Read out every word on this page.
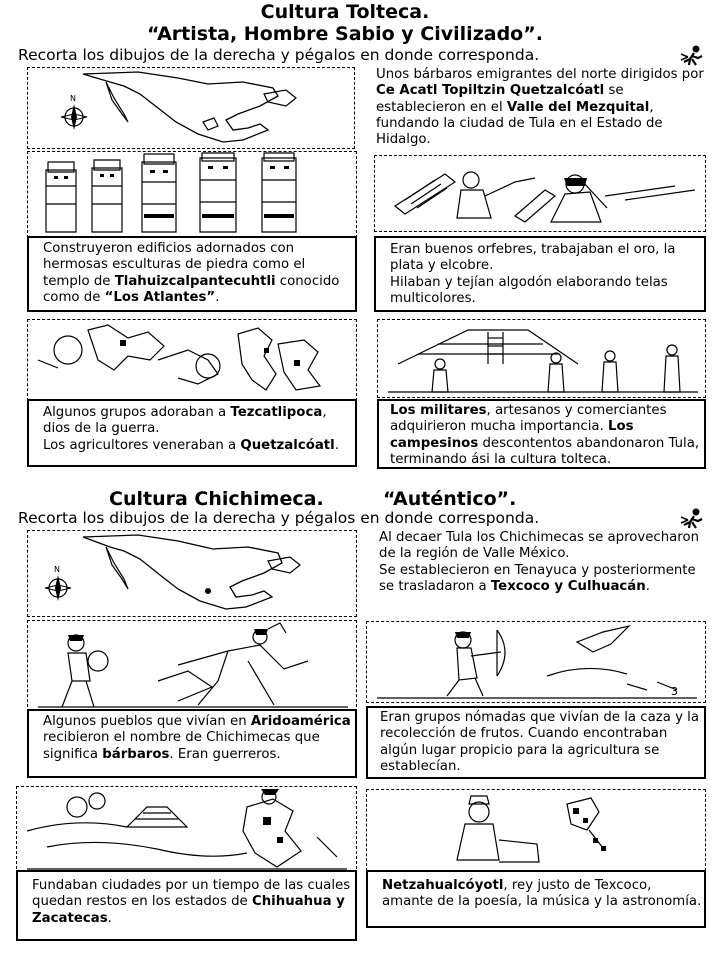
Cultura Tolteca.
“Artista, Hombre Sabio y Civilizado”.
Recorta los dibujos de la derecha y pégalos en donde corresponda.
N
Unos bárbaros emigrantes del norte dirigidos por Ce Acatl Topiltzin Quetzalcóatl se establecieron en el Valle del Mezquital, fundando la ciudad de Tula en el Estado de Hidalgo.
Construyeron edificios adornados con hermosas esculturas de piedra como el templo de Tlahuizcalpantecuhtli conocido como de “Los Atlantes”.
Eran buenos orfebres, trabajaban el oro, la plata y elcobre.
Hilaban y tejían algodón elaborando telas multicolores.
Algunos grupos adoraban a Tezcatlipoca, dios de la guerra.
Los agricultores veneraban a Quetzalcóatl.
Los militares, artesanos y comerciantes adquirieron mucha importancia. Los campesinos descontentos abandonaron Tula, terminando ási la cultura tolteca.
Cultura Chichimeca.	“Auténtico”.
Recorta los dibujos de la derecha y pégalos en donde corresponda.
N
Al decaer Tula los Chichimecas se aprovecharon de la región de Valle México.
Se establecieron en Tenayuca y posteriormente se trasladaron a Texcoco y Culhuacán.
3
Algunos pueblos que vivían en Aridoamérica recibieron el nombre de Chichimecas que significa bárbaros. Eran guerreros.
Eran grupos nómadas que vivían de la caza y la recolección de frutos. Cuando encontraban algún lugar propicio para la agricultura se establecían.
Fundaban ciudades por un tiempo de las cuales quedan restos en los estados de Chihuahua y Zacatecas.
Netzahualcóyotl, rey justo de Texcoco, amante de la poesía, la música y la astronomía.
